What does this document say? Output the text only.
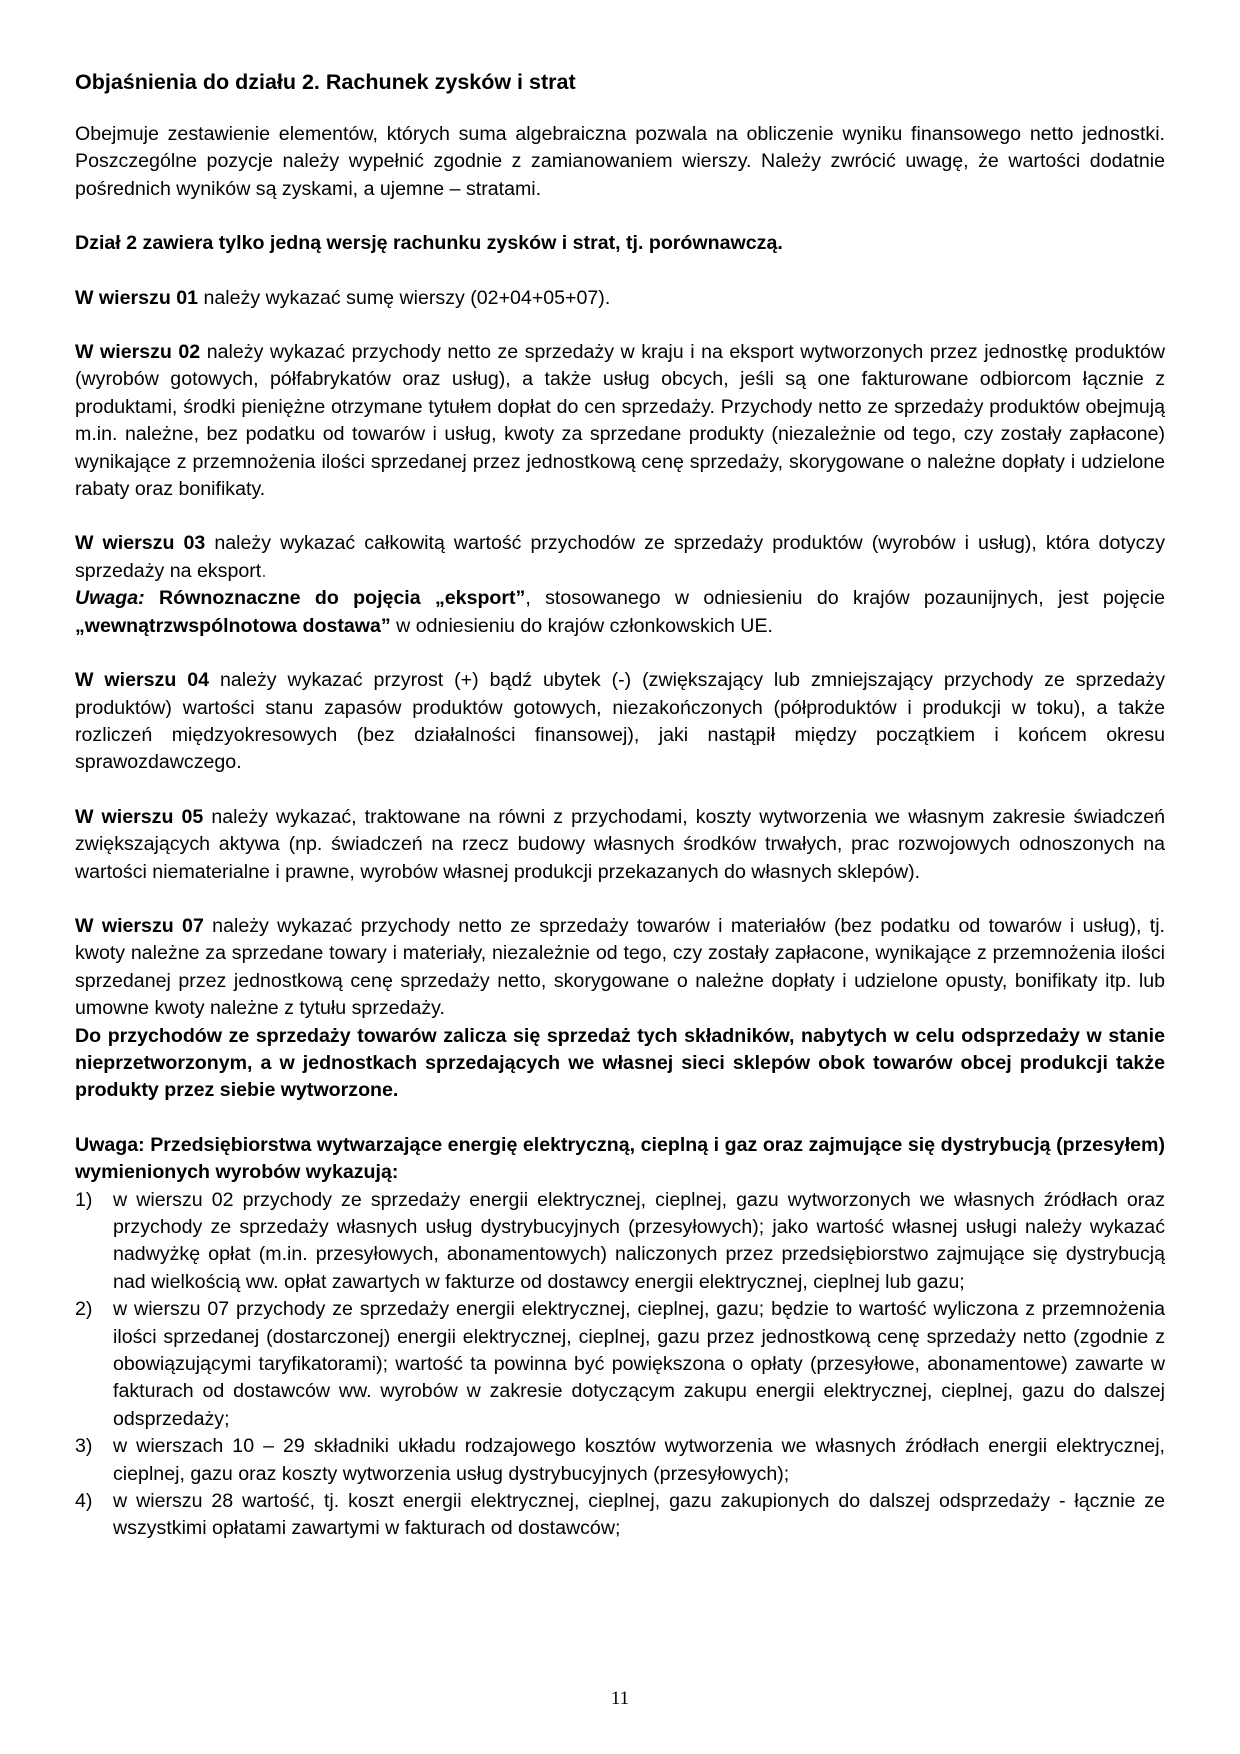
Objaśnienia do działu 2. Rachunek zysków i strat

Obejmuje zestawienie elementów, których suma algebraiczna pozwala na obliczenie wyniku finansowego netto jednostki. Poszczególne pozycje należy wypełnić zgodnie z zamianowaniem wierszy. Należy zwrócić uwagę, że wartości dodatnie pośrednich wyników są zyskami, a ujemne – stratami.

Dział 2 zawiera tylko jedną wersję rachunku zysków i strat, tj. porównawczą.

W wierszu 01 należy wykazać sumę wierszy (02+04+05+07).

W wierszu 02 należy wykazać przychody netto ze sprzedaży w kraju i na eksport wytworzonych przez jednostkę produktów (wyrobów gotowych, półfabrykatów oraz usług), a także usług obcych, jeśli są one fakturowane odbiorcom łącznie z produktami, środki pieniężne otrzymane tytułem dopłat do cen sprzedaży. Przychody netto ze sprzedaży produktów obejmują m.in. należne, bez podatku od towarów i usług, kwoty za sprzedane produkty (niezależnie od tego, czy zostały zapłacone) wynikające z przemnożenia ilości sprzedanej przez jednostkową cenę sprzedaży, skorygowane o należne dopłaty i udzielone rabaty oraz bonifikaty.

W wierszu 03 należy wykazać całkowitą wartość przychodów ze sprzedaży produktów (wyrobów i usług), która dotyczy sprzedaży na eksport.

Uwaga: Równoznaczne do pojęcia „eksport”, stosowanego w odniesieniu do krajów pozaunijnych, jest pojęcie „wewnątrzwspólnotowa dostawa” w odniesieniu do krajów członkowskich UE.

W wierszu 04 należy wykazać przyrost (+) bądź ubytek (-) (zwiększający lub zmniejszający przychody ze sprzedaży produktów) wartości stanu zapasów produktów gotowych, niezakończonych (półproduktów i produkcji w toku), a także rozliczeń międzyokresowych (bez działalności finansowej), jaki nastąpił między początkiem i końcem okresu sprawozdawczego.

W wierszu 05 należy wykazać, traktowane na równi z przychodami, koszty wytworzenia we własnym zakresie świadczeń zwiększających aktywa (np. świadczeń na rzecz budowy własnych środków trwałych, prac rozwojowych odnoszonych na wartości niematerialne i prawne, wyrobów własnej produkcji przekazanych do własnych sklepów).

W wierszu 07 należy wykazać przychody netto ze sprzedaży towarów i materiałów (bez podatku od towarów i usług), tj. kwoty należne za sprzedane towary i materiały, niezależnie od tego, czy zostały zapłacone, wynikające z przemnożenia ilości sprzedanej przez jednostkową cenę sprzedaży netto, skorygowane o należne dopłaty i udzielone opusty, bonifikaty itp. lub umowne kwoty należne z tytułu sprzedaży.

Do przychodów ze sprzedaży towarów zalicza się sprzedaż tych składników, nabytych w celu odsprzedaży w stanie nieprzetworzonym, a w jednostkach sprzedających we własnej sieci sklepów obok towarów obcej produkcji także produkty przez siebie wytworzone.

Uwaga: Przedsiębiorstwa wytwarzające energię elektryczną, cieplną i gaz oraz zajmujące się dystrybucją (przesyłem) wymienionych wyrobów wykazują:

1) w wierszu 02 przychody ze sprzedaży energii elektrycznej, cieplnej, gazu wytworzonych we własnych źródłach oraz przychody ze sprzedaży własnych usług dystrybucyjnych (przesyłowych); jako wartość własnej usługi należy wykazać nadwyżkę opłat (m.in. przesyłowych, abonamentowych) naliczonych przez przedsiębiorstwo zajmujące się dystrybucją nad wielkością ww. opłat zawartych w fakturze od dostawcy energii elektrycznej, cieplnej lub gazu;
2) w wierszu 07 przychody ze sprzedaży energii elektrycznej, cieplnej, gazu; będzie to wartość wyliczona z przemnożenia ilości sprzedanej (dostarczonej) energii elektrycznej, cieplnej, gazu przez jednostkową cenę sprzedaży netto (zgodnie z obowiązującymi taryfikatorami); wartość ta powinna być powiększona o opłaty (przesyłowe, abonamentowe) zawarte w fakturach od dostawców ww. wyrobów w zakresie dotyczącym zakupu energii elektrycznej, cieplnej, gazu do dalszej odsprzedaży;
3) w wierszach 10 – 29 składniki układu rodzajowego kosztów wytworzenia we własnych źródłach energii elektrycznej, cieplnej, gazu oraz koszty wytworzenia usług dystrybucyjnych (przesyłowych);
4) w wierszu 28 wartość, tj. koszt energii elektrycznej, cieplnej, gazu zakupionych do dalszej odsprzedaży - łącznie ze wszystkimi opłatami zawartymi w fakturach od dostawców;
11
